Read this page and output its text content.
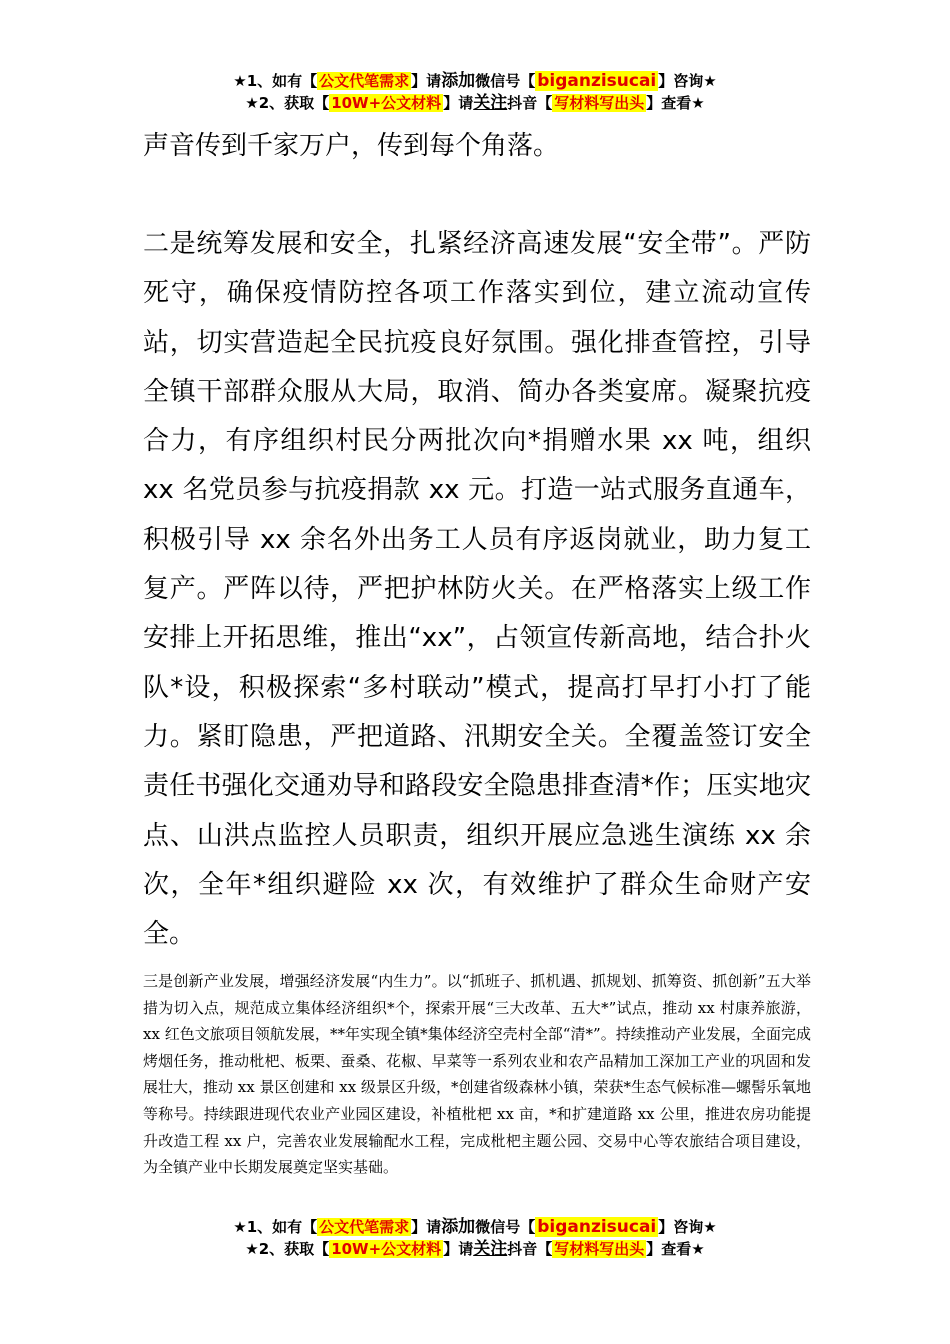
★1、如有【 公文代笔需求 】请添加微信号【 biganzisucai 】咨询★
★2、获取【 10W+公文材料 】请关注抖音【 写材料写出头 】查看★

声音传到千家万户，传到每个角落。

二是统筹发展和安全，扎紧经济高速发展“安全带”。严防死守，确保疫情防控各项工作落实到位，建立流动宣传站，切实营造起全民抗疫良好氛围。强化排查管控，引导全镇干部群众服从大局，取消、简办各类宴席。凝聚抗疫合力，有序组织村民分两批次向*捐赠水果 xx 吨，组织 xx 名党员参与抗疫捐款 xx 元。打造一站式服务直通车，积极引导 xx 余名外出务工人员有序返岗就业，助力复工复产。严阵以待，严把护林防火关。在严格落实上级工作安排上开拓思维，推出“xx”，占领宣传新高地，结合扑火队*设，积极探索“多村联动”模式，提高打早打小打了能力。紧盯隐患，严把道路、汛期安全关。全覆盖签订安全责任书强化交通劝导和路段安全隐患排查清*作；压实地灾点、山洪点监控人员职责，组织开展应急逃生演练 xx 余次，全年*组织避险 xx 次，有效维护了群众生命财产安全。

三是创新产业发展，增强经济发展“内生力”。以“抓班子、抓机遇、抓规划、抓筹资、抓创新”五大举措为切入点，规范成立集体经济组织*个，探索开展“三大改革、五大*”试点，推动 xx 村康养旅游，xx 红色文旅项目领航发展，**年实现全镇*集体经济空壳村全部“清*”。持续推动产业发展，全面完成烤烟任务，推动枇杷、板栗、蚕桑、花椒、早菜等一系列农业和农产品精加工深加工产业的巩固和发展壮大，推动 xx 景区创建和 xx 级景区升级，*创建省级森林小镇，荣获*生态气候标准—螺髻乐氧地等称号。持续跟进现代农业产业园区建设，补植枇杷 xx 亩，*和扩建道路 xx 公里，推进农房功能提升改造工程 xx 户，完善农业发展输配水工程，完成枇杷主题公园、交易中心等农旅结合项目建设，为全镇产业中长期发展奠定坚实基础。

★1、如有【 公文代笔需求 】请添加微信号【 biganzisucai 】咨询★
★2、获取【 10W+公文材料 】请关注抖音【 写材料写出头 】查看★
